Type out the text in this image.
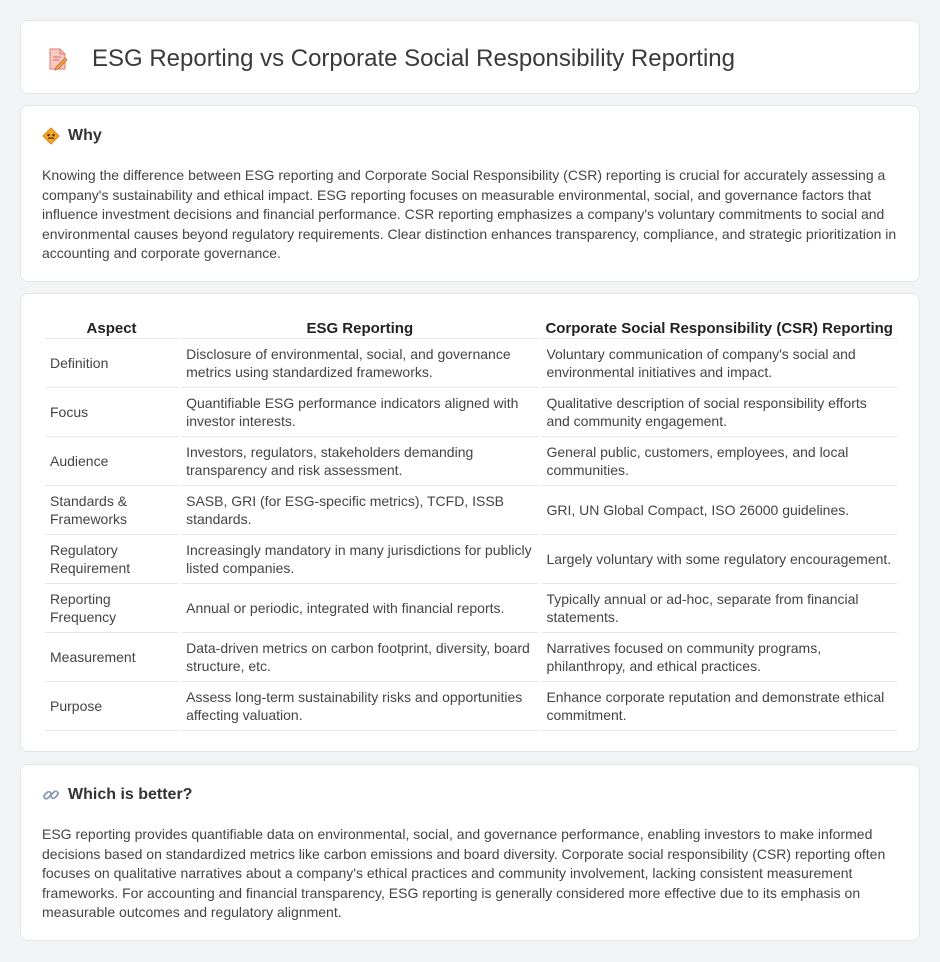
ESG Reporting vs Corporate Social Responsibility Reporting
Why

Knowing the difference between ESG reporting and Corporate Social Responsibility (CSR) reporting is crucial for accurately assessing a company's sustainability and ethical impact. ESG reporting focuses on measurable environmental, social, and governance factors that influence investment decisions and financial performance. CSR reporting emphasizes a company's voluntary commitments to social and environmental causes beyond regulatory requirements. Clear distinction enhances transparency, compliance, and strategic prioritization in accounting and corporate governance.

Aspect	ESG Reporting	Corporate Social Responsibility (CSR) Reporting
Definition	Disclosure of environmental, social, and governance metrics using standardized frameworks.	Voluntary communication of company's social and environmental initiatives and impact.
Focus	Quantifiable ESG performance indicators aligned with investor interests.	Qualitative description of social responsibility efforts and community engagement.
Audience	Investors, regulators, stakeholders demanding transparency and risk assessment.	General public, customers, employees, and local communities.
Standards & Frameworks	SASB, GRI (for ESG-specific metrics), TCFD, ISSB standards.	GRI, UN Global Compact, ISO 26000 guidelines.
Regulatory Requirement	Increasingly mandatory in many jurisdictions for publicly listed companies.	Largely voluntary with some regulatory encouragement.
Reporting Frequency	Annual or periodic, integrated with financial reports.	Typically annual or ad-hoc, separate from financial statements.
Measurement	Data-driven metrics on carbon footprint, diversity, board structure, etc.	Narratives focused on community programs, philanthropy, and ethical practices.
Purpose	Assess long-term sustainability risks and opportunities affecting valuation.	Enhance corporate reputation and demonstrate ethical commitment.
Which is better?

ESG reporting provides quantifiable data on environmental, social, and governance performance, enabling investors to make informed decisions based on standardized metrics like carbon emissions and board diversity. Corporate social responsibility (CSR) reporting often focuses on qualitative narratives about a company's ethical practices and community involvement, lacking consistent measurement frameworks. For accounting and financial transparency, ESG reporting is generally considered more effective due to its emphasis on measurable outcomes and regulatory alignment.
